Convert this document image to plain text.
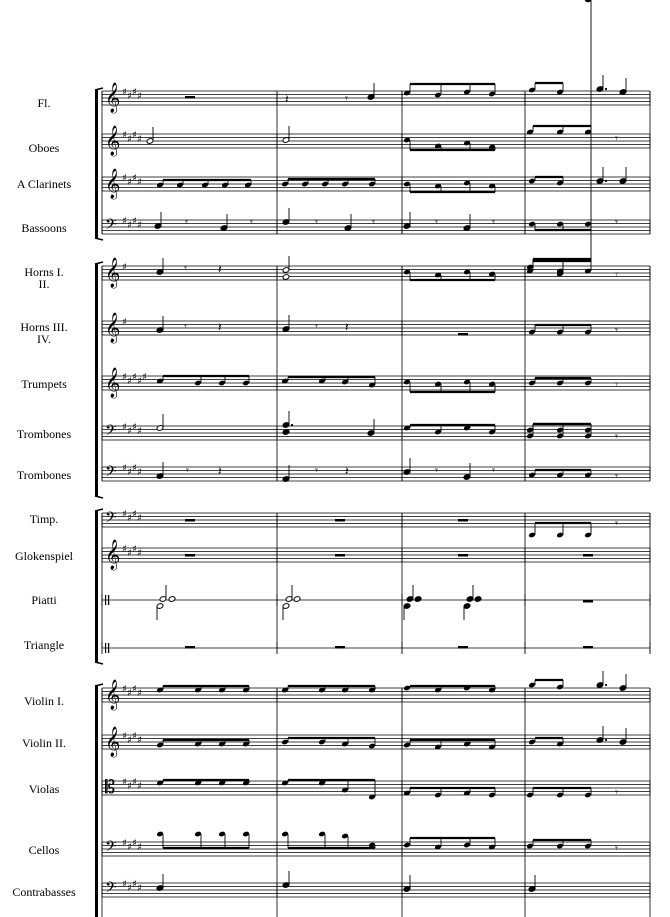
𝄞 ♯ ♯ ♯ ♯
𝄞 ♯ ♯ ♯ ♯
𝄞 ♯ ♯ ♯ ♯
𝄢 ♯ ♯ ♯ ♯
𝄞 ♯
𝄞 ♯
𝄞 ♯ ♯ ♯ ♯ ♯
𝄢 ♯ ♯ ♯ ♯
𝄢 ♯ ♯ ♯ ♯
𝄢 ♯ ♯ ♯ ♯
𝄞 ♯ ♯ ♯ ♯
𝄞 ♯ ♯ ♯ ♯
𝄞 ♯ ♯ ♯ ♯
𝄡 ♯ ♯ ♯ ♯
𝄢 ♯ ♯ ♯ ♯
𝄢 ♯ ♯ ♯ ♯
𝄽	𝄾
𝄾
𝄾	𝄾	𝄾	𝄾	𝄾	𝄾	𝄾
𝄾	𝄽	𝄾
𝄾	𝄽	𝄾 𝄽	𝄾
𝄾
𝄾
𝄾 𝄽	𝄾 𝄽	𝄾	𝄾	𝄾
𝄾
𝄾
𝄾
Fl.
Oboes
A Clarinets
Bassoons
Horns I.
II.
Horns III.
IV.
Trumpets
Trombones
Trombones
Timp.
Glokenspiel
Piatti
Triangle
Violin I.
Violin II.
Violas
Cellos
Contrabasses
